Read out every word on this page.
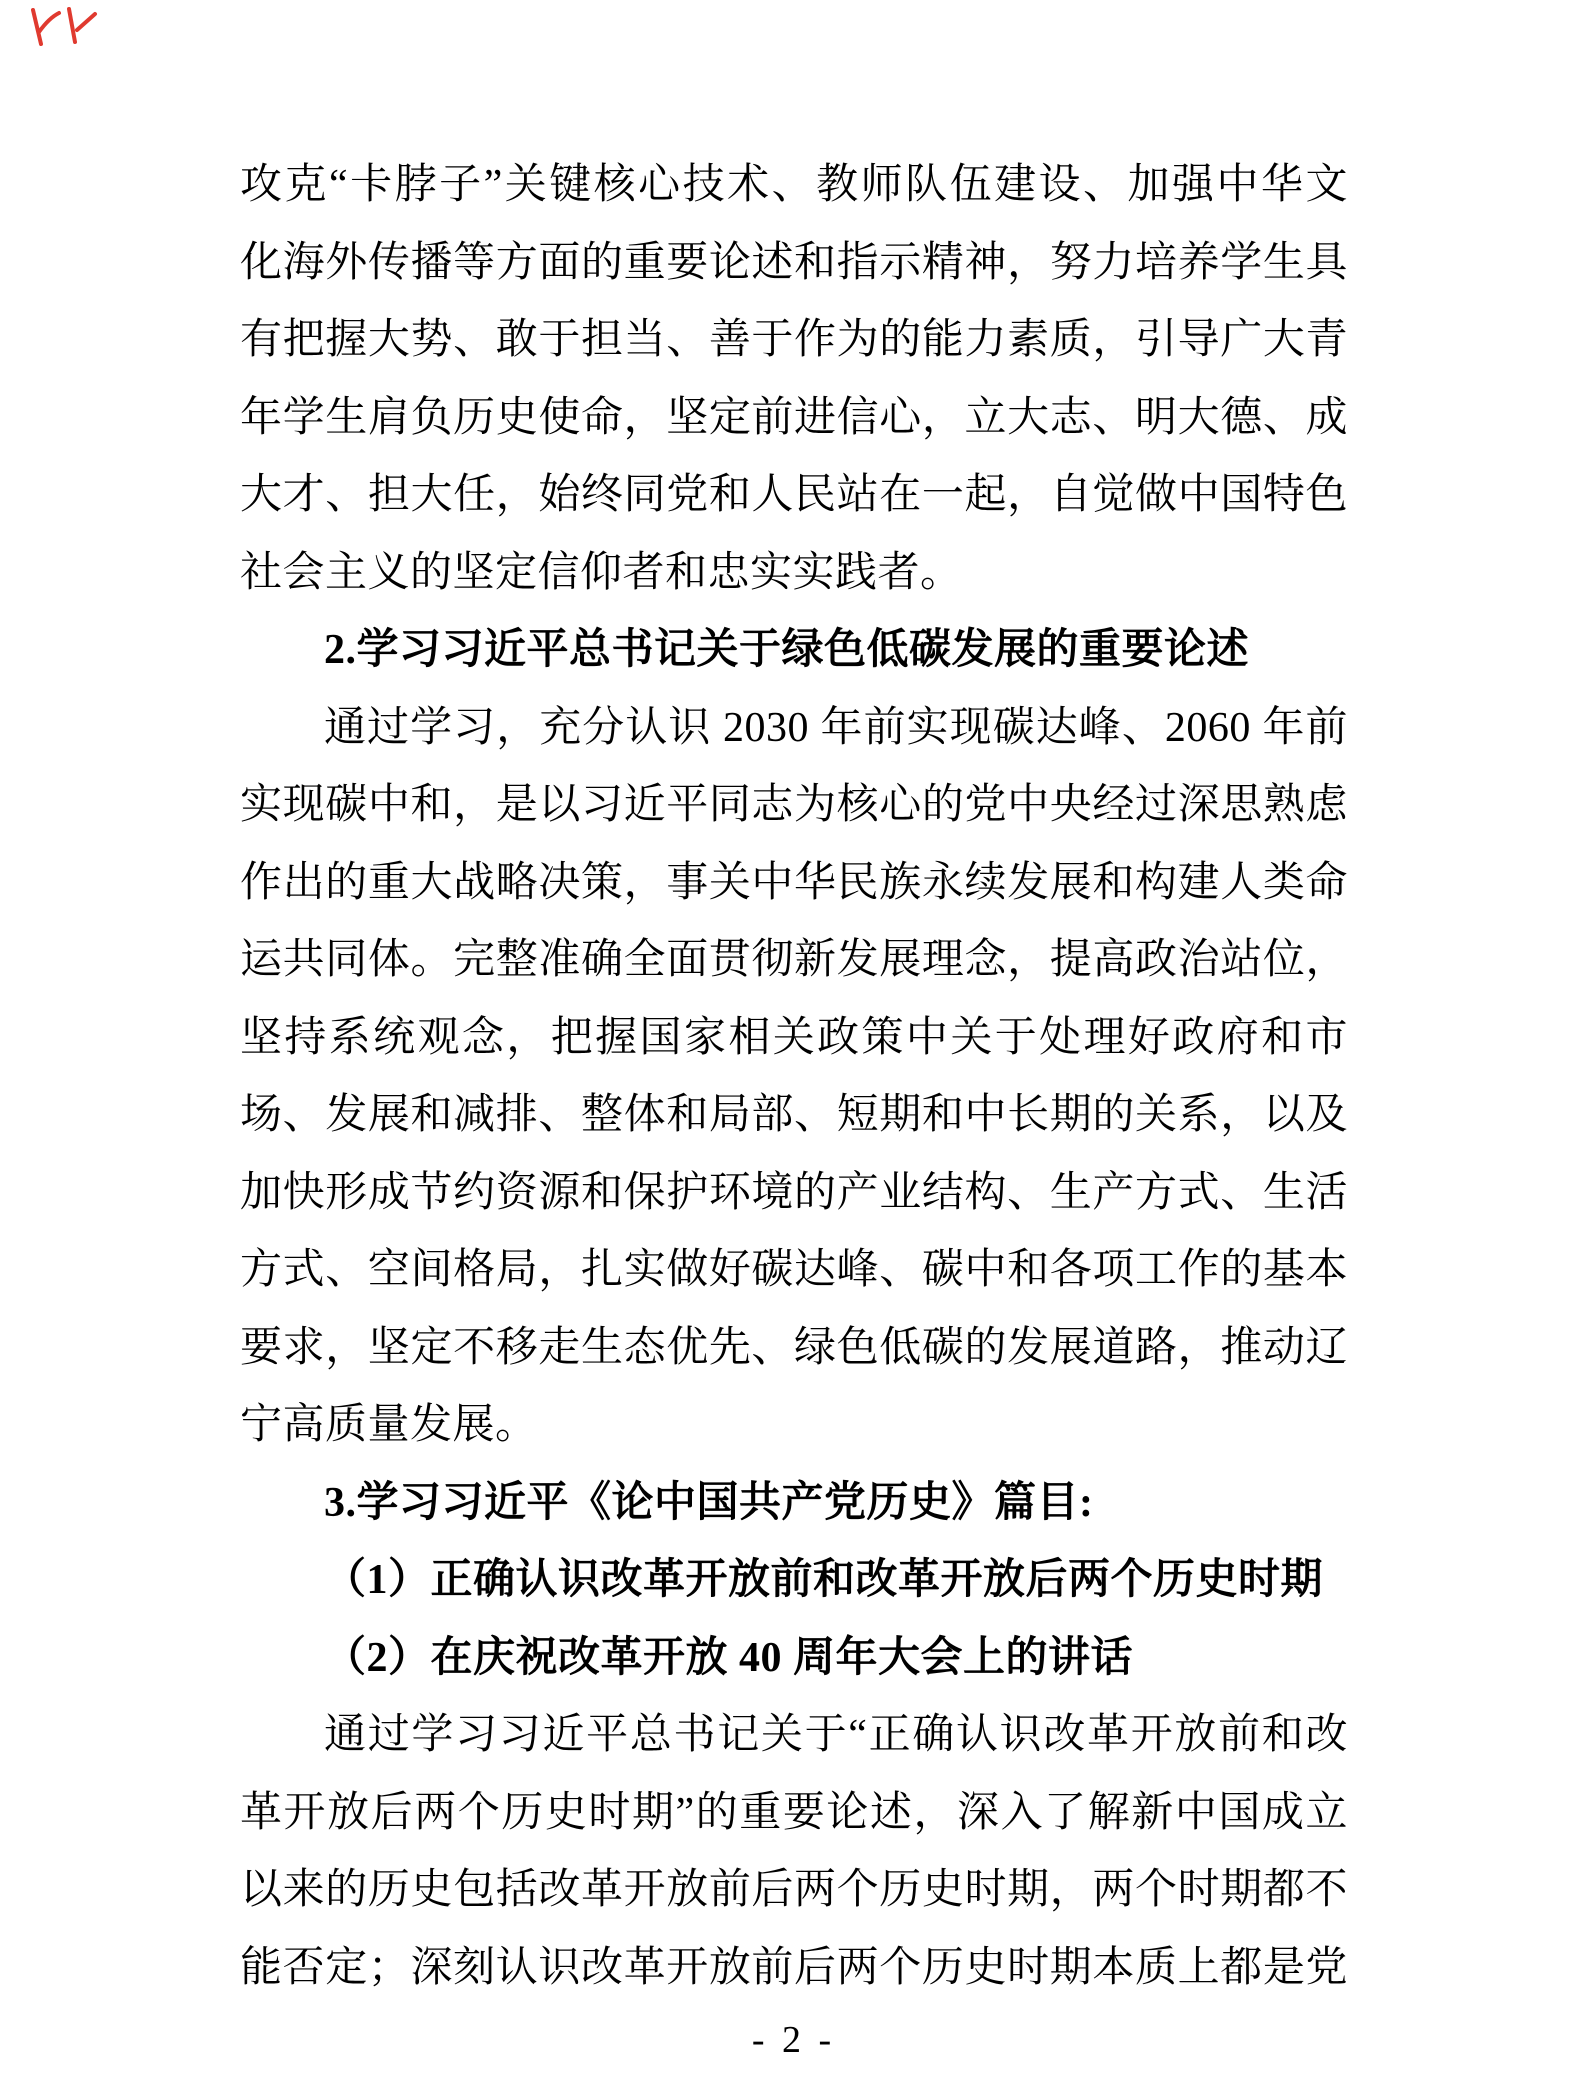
攻克“卡脖子”关键核心技术、教师队伍建设、加强中华文
化海外传播等方面的重要论述和指示精神，努力培养学生具
有把握大势、敢于担当、善于作为的能力素质，引导广大青
年学生肩负历史使命，坚定前进信心，立大志、明大德、成
大才、担大任，始终同党和人民站在一起，自觉做中国特色
社会主义的坚定信仰者和忠实实践者。
2.学习习近平总书记关于绿色低碳发展的重要论述
通过学习，充分认识 2030 年前实现碳达峰、2060 年前
实现碳中和，是以习近平同志为核心的党中央经过深思熟虑
作出的重大战略决策，事关中华民族永续发展和构建人类命
运共同体。完整准确全面贯彻新发展理念，提高政治站位，
坚持系统观念，把握国家相关政策中关于处理好政府和市
场、发展和减排、整体和局部、短期和中长期的关系，以及
加快形成节约资源和保护环境的产业结构、生产方式、生活
方式、空间格局，扎实做好碳达峰、碳中和各项工作的基本
要求，坚定不移走生态优先、绿色低碳的发展道路，推动辽
宁高质量发展。
3.学习习近平《论中国共产党历史》篇目:
（1）正确认识改革开放前和改革开放后两个历史时期
（2）在庆祝改革开放 40 周年大会上的讲话
通过学习习近平总书记关于“正确认识改革开放前和改
革开放后两个历史时期”的重要论述，深入了解新中国成立
以来的历史包括改革开放前后两个历史时期，两个时期都不
能否定；深刻认识改革开放前后两个历史时期本质上都是党
- 2 -
